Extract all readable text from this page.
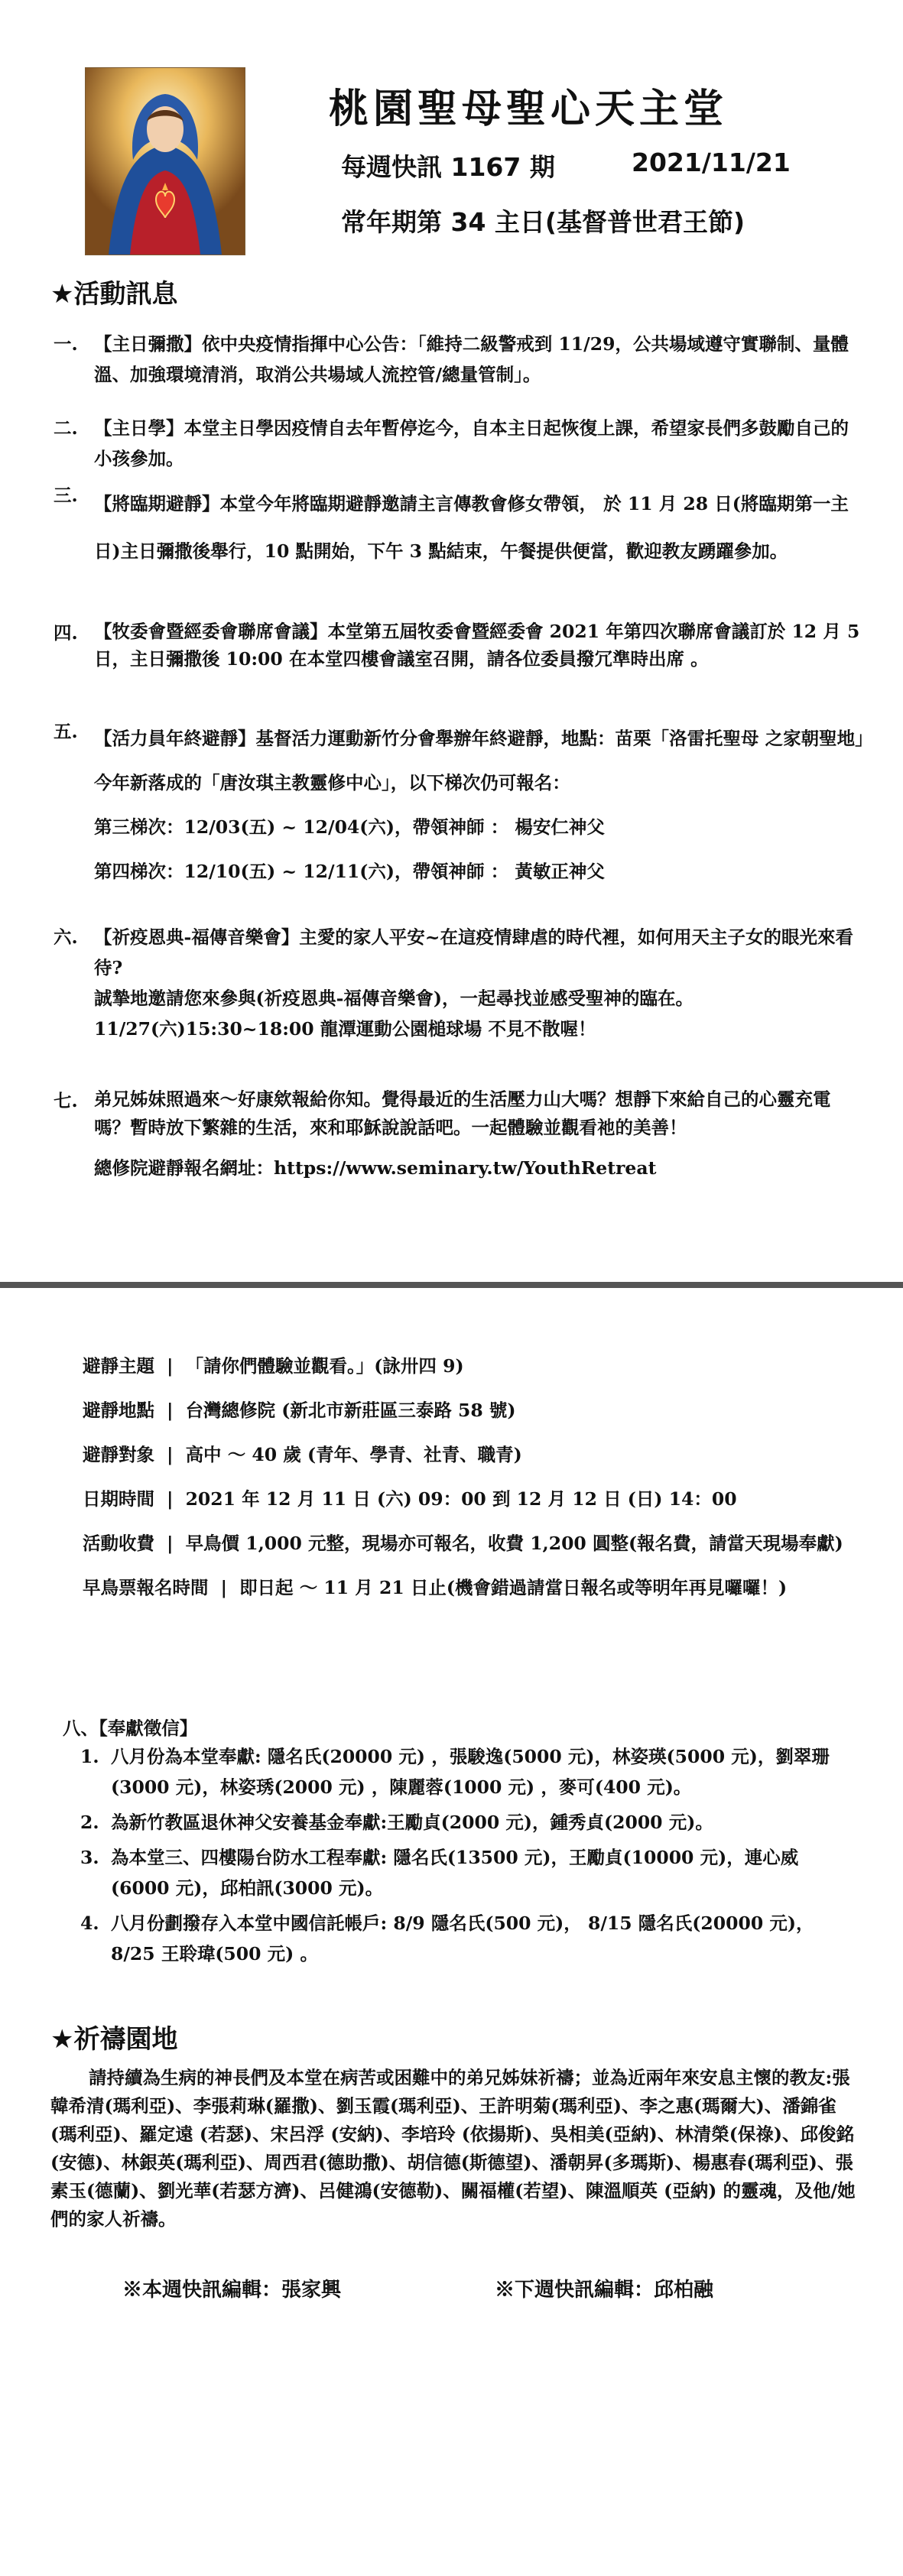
桃園聖母聖心天主堂
每週快訊 1167 期	2021/11/21
常年期第 34 主日(基督普世君王節)
★活動訊息
一. 【主日彌撒】依中央疫情指揮中心公告：「維持二級警戒到 11/29，公共場域遵守實聯制、量體溫、加強環境清消，取消公共場域人流控管/總量管制」。

二. 【主日學】本堂主日學因疫情自去年暫停迄今，自本主日起恢復上課，希望家長們多鼓勵自己的小孩參加。

三. 【將臨期避靜】本堂今年將臨期避靜邀請主言傳教會修女帶領， 於 11 月 28 日(將臨期第一主日)主日彌撒後舉行，10 點開始，下午 3 點結束，午餐提供便當，歡迎教友踴躍參加。

四. 【牧委會暨經委會聯席會議】本堂第五屆牧委會暨經委會 2021 年第四次聯席會議訂於 12 月 5 日，主日彌撒後 10:00 在本堂四樓會議室召開，請各位委員撥冗準時出席 。

五. 【活力員年終避靜】基督活力運動新竹分會舉辦年終避靜，地點：苗栗「洛雷托聖母 之家朝聖地」今年新落成的「唐汝琪主教靈修中心」，以下梯次仍可報名：

第三梯次：12/03(五) ~ 12/04(六)，帶領神師 ： 楊安仁神父

第四梯次：12/10(五) ~ 12/11(六)，帶領神師 ： 黃敏正神父

六. 【祈疫恩典-福傳音樂會】主愛的家人平安~在這疫情肆虐的時代裡，如何用天主子女的眼光來看待?

誠摯地邀請您來參與(祈疫恩典-福傳音樂會)，一起尋找並感受聖神的臨在。

11/27(六)15:30~18:00 龍潭運動公園槌球場 不見不散喔！

七. 弟兄姊妹照過來～好康欸報給你知。覺得最近的生活壓力山大嗎？想靜下來給自己的心靈充電嗎？暫時放下繁雜的生活，來和耶穌說說話吧。一起體驗並觀看祂的美善！

總修院避靜報名網址：https://www.seminary.tw/YouthRetreat

避靜主題 | 「請你們體驗並觀看。」(詠卅四 9)
避靜地點 | 台灣總修院 (新北市新莊區三泰路 58 號)
避靜對象 | 高中 ～ 40 歲 (青年、學青、社青、職青)
日期時間 | 2021 年 12 月 11 日 (六) 09：00 到 12 月 12 日 (日) 14：00
活動收費 | 早鳥價 1,000 元整，現場亦可報名，收費 1,200 圓整(報名費，請當天現場奉獻)
早鳥票報名時間 | 即日起 ～ 11 月 21 日止(機會錯過請當日報名或等明年再見囉囉！)
八、【奉獻徵信】
1. 八月份為本堂奉獻: 隱名氏(20000 元) ，張駿逸(5000 元)，林姿瑛(5000 元)，劉翠珊(3000 元)，林姿琇(2000 元) ，陳麗蓉(1000 元) ，麥可(400 元)。
2. 為新竹教區退休神父安養基金奉獻:王勵貞(2000 元)，鍾秀貞(2000 元)。
3. 為本堂三、四樓陽台防水工程奉獻: 隱名氏(13500 元)，王勵貞(10000 元)，連心威(6000 元)，邱柏訊(3000 元)。
4. 八月份劃撥存入本堂中國信託帳戶: 8/9 隱名氏(500 元)， 8/15 隱名氏(20000 元)，8/25 王聆瑋(500 元) 。
★祈禱園地

請持續為生病的神長們及本堂在病苦或困難中的弟兄姊妹祈禱；並為近兩年來安息主懷的教友:張韓希清(瑪利亞)、李張莉琳(羅撒)、劉玉霞(瑪利亞)、王許明菊(瑪利亞)、李之惠(瑪爾大)、潘錦雀(瑪利亞)、羅定遠 (若瑟)、宋呂浮 (安納)、李培玲 (依揚斯)、吳相美(亞納)、林清榮(保祿)、邱俊銘(安德)、林銀英(瑪利亞)、周西君(德助撒)、胡信德(斯德望)、潘朝昇(多瑪斯)、楊惠春(瑪利亞)、張素玉(德蘭)、劉光華(若瑟方濟)、呂健鴻(安德勒)、關福權(若望)、陳溫順英 (亞納) 的靈魂，及他/她們的家人祈禱。

※本週快訊編輯：張家興	※下週快訊編輯：邱柏融
